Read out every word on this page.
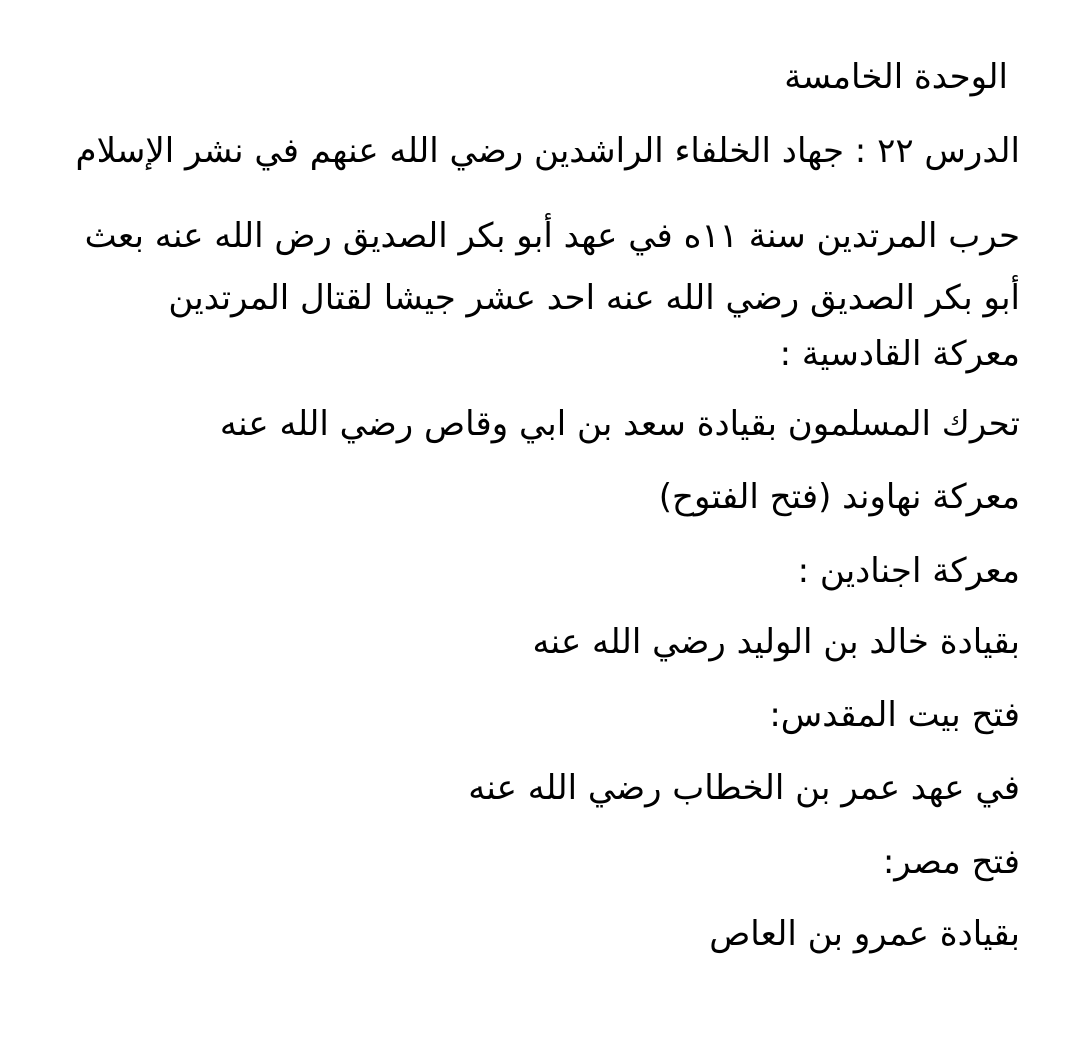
الوحدة الخامسة
الدرس ٢٢ : جهاد الخلفاء الراشدين رضي الله عنهم في نشر الإسلام
حرب المرتدين سنة ١١ه في عهد أبو بكر الصديق رض الله عنه بعث أبو بكر الصديق رضي الله عنه احد عشر جيشا لقتال المرتدين
معركة القادسية :
تحرك المسلمون بقيادة سعد بن ابي وقاص رضي الله عنه
معركة نهاوند (فتح الفتوح)
معركة اجنادين :
بقيادة خالد بن الوليد رضي الله عنه
فتح بيت المقدس:
في عهد عمر بن الخطاب رضي الله عنه
فتح مصر:
بقيادة عمرو بن العاص
